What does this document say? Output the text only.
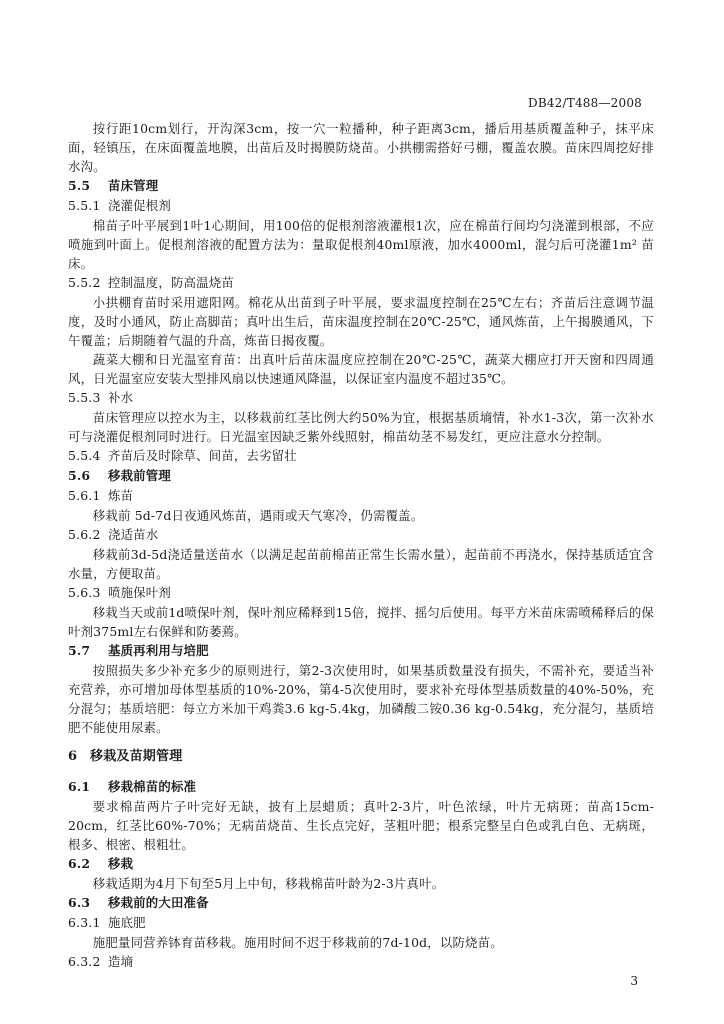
DB42/T488—2008

按行距10cm划行，开沟深3cm，按一穴一粒播种，种子距离3cm，播后用基质覆盖种子，抹平床面，轻镇压，在床面覆盖地膜，出苗后及时揭膜防烧苗。小拱棚需搭好弓棚，覆盖农膜。苗床四周挖好排水沟。

5.5 苗床管理
5.5.1 浇灌促根剂

棉苗子叶平展到1叶1心期间，用100倍的促根剂溶液灌根1次，应在棉苗行间均匀浇灌到根部，不应喷施到叶面上。促根剂溶液的配置方法为：量取促根剂40ml原液，加水4000ml，混匀后可浇灌1m² 苗床。

5.5.2 控制温度，防高温烧苗

小拱棚育苗时采用遮阳网。棉花从出苗到子叶平展，要求温度控制在25℃左右；齐苗后注意调节温度，及时小通风，防止高脚苗；真叶出生后，苗床温度控制在20℃-25℃，通风炼苗，上午揭膜通风，下午覆盖；后期随着气温的升高，炼苗日揭夜覆。

蔬菜大棚和日光温室育苗：出真叶后苗床温度应控制在20℃-25℃，蔬菜大棚应打开天窗和四周通风，日光温室应安装大型排风扇以快速通风降温，以保证室内温度不超过35℃。

5.5.3 补水

苗床管理应以控水为主，以移栽前红茎比例大约50%为宜，根据基质墒情，补水1-3次，第一次补水可与浇灌促根剂同时进行。日光温室因缺乏紫外线照射，棉苗幼茎不易发红，更应注意水分控制。

5.5.4 齐苗后及时除草、间苗，去劣留壮
5.6 移栽前管理
5.6.1 炼苗

移栽前 5d-7d日夜通风炼苗，遇雨或天气寒冷，仍需覆盖。

5.6.2 浇适苗水

移栽前3d-5d浇适量送苗水（以满足起苗前棉苗正常生长需水量），起苗前不再浇水，保持基质适宜含水量，方便取苗。

5.6.3 喷施保叶剂

移栽当天或前1d喷保叶剂，保叶剂应稀释到15倍，搅拌、摇匀后使用。每平方米苗床需喷稀释后的保叶剂375ml左右保鲜和防萎蔫。

5.7 基质再利用与培肥

按照损失多少补充多少的原则进行，第2-3次使用时，如果基质数量没有损失，不需补充，要适当补充营养，亦可增加母体型基质的10%-20%，第4-5次使用时，要求补充母体型基质数量的40%-50%，充分混匀；基质培肥：每立方米加干鸡粪3.6 kg-5.4kg，加磷酸二铵0.36 kg-0.54kg，充分混匀，基质培肥不能使用尿素。

6 移栽及苗期管理
6.1 移栽棉苗的标准

要求棉苗两片子叶完好无缺，披有上层蜡质；真叶2-3片，叶色浓绿，叶片无病斑；苗高15cm-20cm，红茎比60%-70%；无病苗烧苗、生长点完好，茎粗叶肥；根系完整呈白色或乳白色、无病斑，根多、根密、根粗壮。

6.2 移栽

移栽适期为4月下旬至5月上中旬，移栽棉苗叶龄为2-3片真叶。

6.3 移栽前的大田准备
6.3.1 施底肥

施肥量同营养钵育苗移栽。施用时间不迟于移栽前的7d-10d，以防烧苗。

6.3.2 造墒
3
